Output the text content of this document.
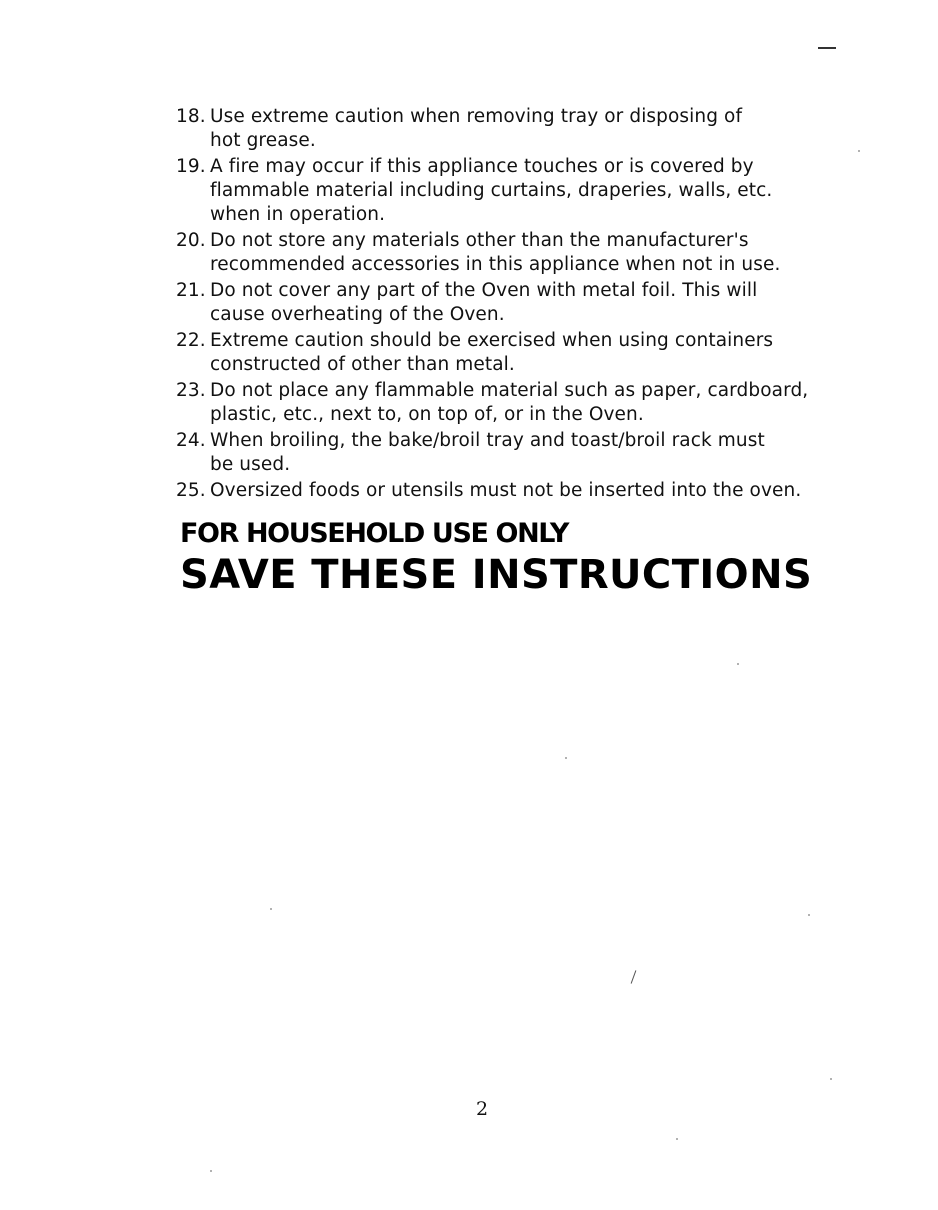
18. Use extreme caution when removing tray or disposing of
hot grease.
19. A fire may occur if this appliance touches or is covered by
flammable material including curtains, draperies, walls, etc.
when in operation.
20. Do not store any materials other than the manufacturer's
recommended accessories in this appliance when not in use.
21. Do not cover any part of the Oven with metal foil. This will
cause overheating of the Oven.
22. Extreme caution should be exercised when using containers
constructed of other than metal.
23. Do not place any flammable material such as paper, cardboard,
plastic, etc., next to, on top of, or in the Oven.
24. When broiling, the bake/broil tray and toast/broil rack must
be used.
25. Oversized foods or utensils must not be inserted into the oven.
FOR HOUSEHOLD USE ONLY
SAVE THESE INSTRUCTIONS
2
